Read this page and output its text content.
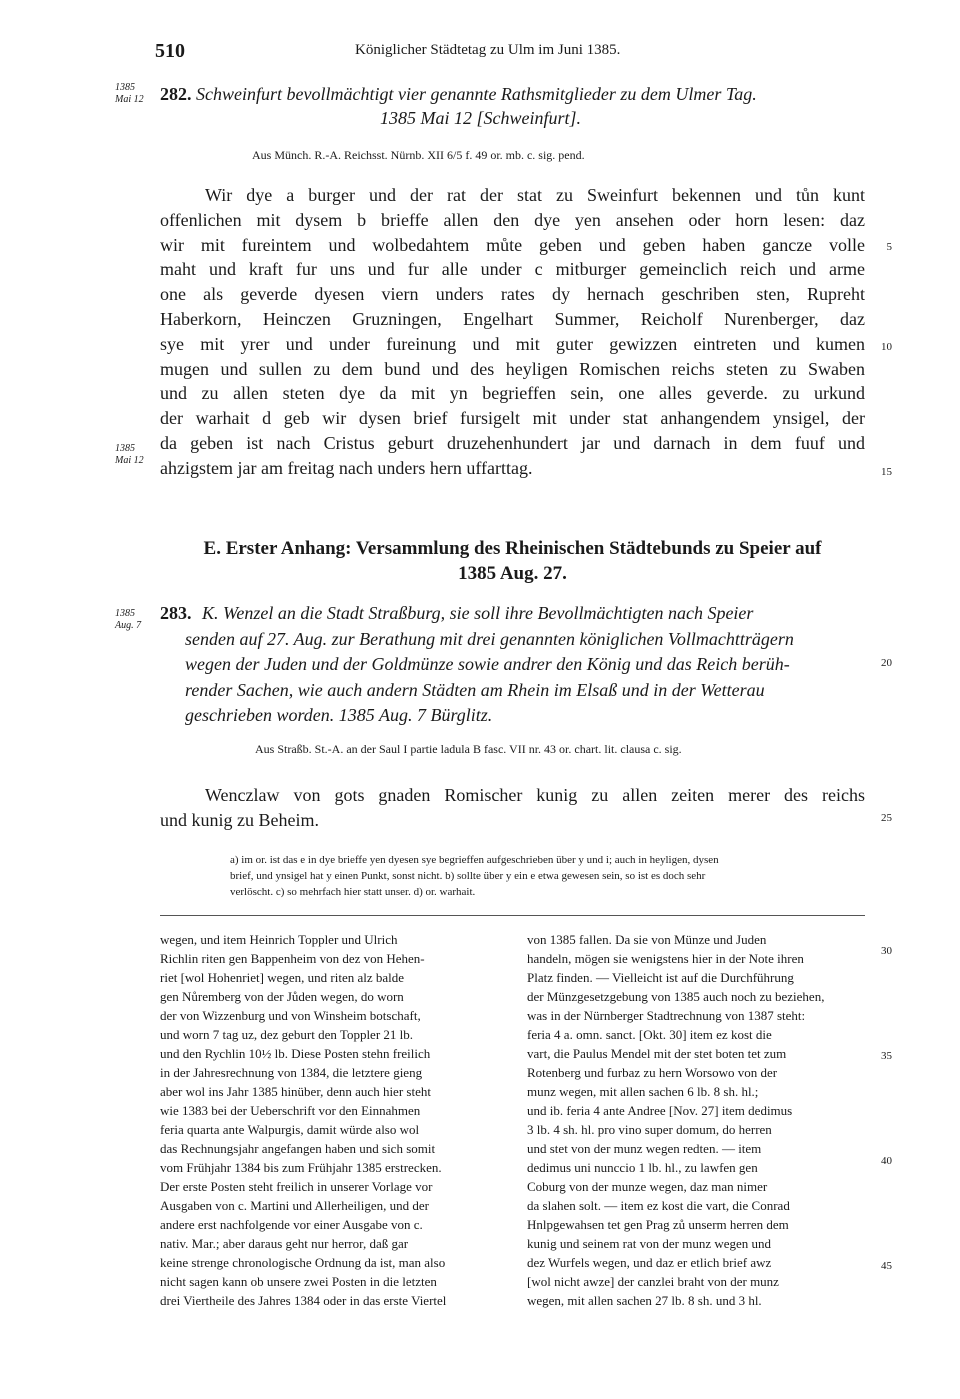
510	Königlicher Städtetag zu Ulm im Juni 1385.
1385
Mai 12 282. Schweinfurt bevollmächtigt vier genannte Rathsmitglieder zu dem Ulmer Tag.
1385 Mai 12 [Schweinfurt].
Aus Münch. R.-A. Reichsst. Nürnb. XII 6/5 f. 49 or. mb. c. sig. pend.
Wir dye a burger und der rat der stat zu Sweinfurt bekennen und tůn kunt
offenlichen mit dysem b brieffe allen den dye yen ansehen oder horn lesen: daz
wir mit fureintem und wolbedahtem můte geben und geben haben gancze volle
maht und kraft fur uns und fur alle under c mitburger gemeinclich reich und arme
one als geverde dyesen viern unders rates dy hernach geschriben sten, Rupreht
Haberkorn, Heinczen Gruzningen, Engelhart Summer, Reicholf Nurenberger, daz
sye mit yrer und under fureinung und mit guter gewizzen eintreten und kumen
mugen und sullen zu dem bund und des heyligen Romischen reichs steten zu Swaben
und zu allen steten dye da mit yn begrieffen sein, one alles geverde. zu urkund
der warhait d geb wir dysen brief fursigelt mit under stat anhangendem ynsigel, der
da geben ist nach Cristus geburt druzehenhundert jar und darnach in dem fuuf und
ahzigstem jar am freitag nach unders hern uffarttag.
5
10
15
1385
Mai 12
E. Erster Anhang: Versammlung des Rheinischen Städtebunds zu Speier auf
1385 Aug. 27.
1385
Aug. 7
283. K. Wenzel an die Stadt Straßburg, sie soll ihre Bevollmächtigten nach Speier
senden auf 27. Aug. zur Berathung mit drei genannten königlichen Vollmachtträgern
wegen der Juden und der Goldmünze sowie andrer den König und das Reich berüh-
render Sachen, wie auch andern Städten am Rhein im Elsaß und in der Wetterau
geschrieben worden. 1385 Aug. 7 Bürglitz.
20
Aus Straßb. St.-A. an der Saul I partie ladula B fasc. VII nr. 43 or. chart. lit. clausa c. sig.
Wenczlaw von gots gnaden Romischer kunig zu allen zeiten merer des reichs
und kunig zu Beheim.	25
a) im or. ist das e in dye brieffe yen dyesen sye begrieffen aufgeschrieben über y und i; auch in heyligen, dysen
brief, und ynsigel hat y einen Punkt, sonst nicht. b) sollte über y ein e etwa gewesen sein, so ist es doch sehr
verlöscht. c) so mehrfach hier statt unser. d) or. warhait.
wegen, und item Heinrich Toppler und Ulrich
Richlin riten gen Bappenheim von dez von Hehen-
riet [wol Hohenriet] wegen, und riten alz balde
gen Nůremberg von der Jůden wegen, do worn
der von Wizzenburg und von Winsheim botschaft,
und worn 7 tag uz, dez geburt den Toppler 21 lb.
und den Rychlin 10½ lb. Diese Posten stehn freilich
in der Jahresrechnung von 1384, die letztere gieng
aber wol ins Jahr 1385 hinüber, denn auch hier steht
wie 1383 bei der Ueberschrift vor den Einnahmen
feria quarta ante Walpurgis, damit würde also wol
das Rechnungsjahr angefangen haben und sich somit
vom Frühjahr 1384 bis zum Frühjahr 1385 erstrecken.
Der erste Posten steht freilich in unserer Vorlage vor
Ausgaben von c. Martini und Allerheiligen, und der
andere erst nachfolgende vor einer Ausgabe von c.
nativ. Mar.; aber daraus geht nur herror, daß gar
keine strenge chronologische Ordnung da ist, man also
nicht sagen kann ob unsere zwei Posten in die letzten
drei Viertheile des Jahres 1384 oder in das erste Viertel
von 1385 fallen. Da sie von Münze und Juden
handeln, mögen sie wenigstens hier in der Note ihren
Platz finden. — Vielleicht ist auf die Durchführung
der Münzgesetzgebung von 1385 auch noch zu beziehen,
was in der Nürnberger Stadtrechnung von 1387 steht:
feria 4 a. omn. sanct. [Okt. 30] item ez kost die
vart, die Paulus Mendel mit der stet boten tet zum
Rotenberg und furbaz zu hern Worsowo von der
munz wegen, mit allen sachen 6 lb. 8 sh. hl.;
und ib. feria 4 ante Andree [Nov. 27] item dedimus
3 lb. 4 sh. hl. pro vino super domum, do herren
und stet von der munz wegen redten. — item
dedimus uni nunccio 1 lb. hl., zu lawfen gen
Coburg von der munze wegen, daz man nimer
da slahen solt. — item ez kost die vart, die Conrad
Hnlpgewahsen tet gen Prag zů unserm herren dem
kunig und seinem rat von der munz wegen und
dez Wurfels wegen, und daz er etlich brief awz
[wol nicht awze] der canzlei braht von der munz
wegen, mit allen sachen 27 lb. 8 sh. und 3 hl.
30
35
40
45
